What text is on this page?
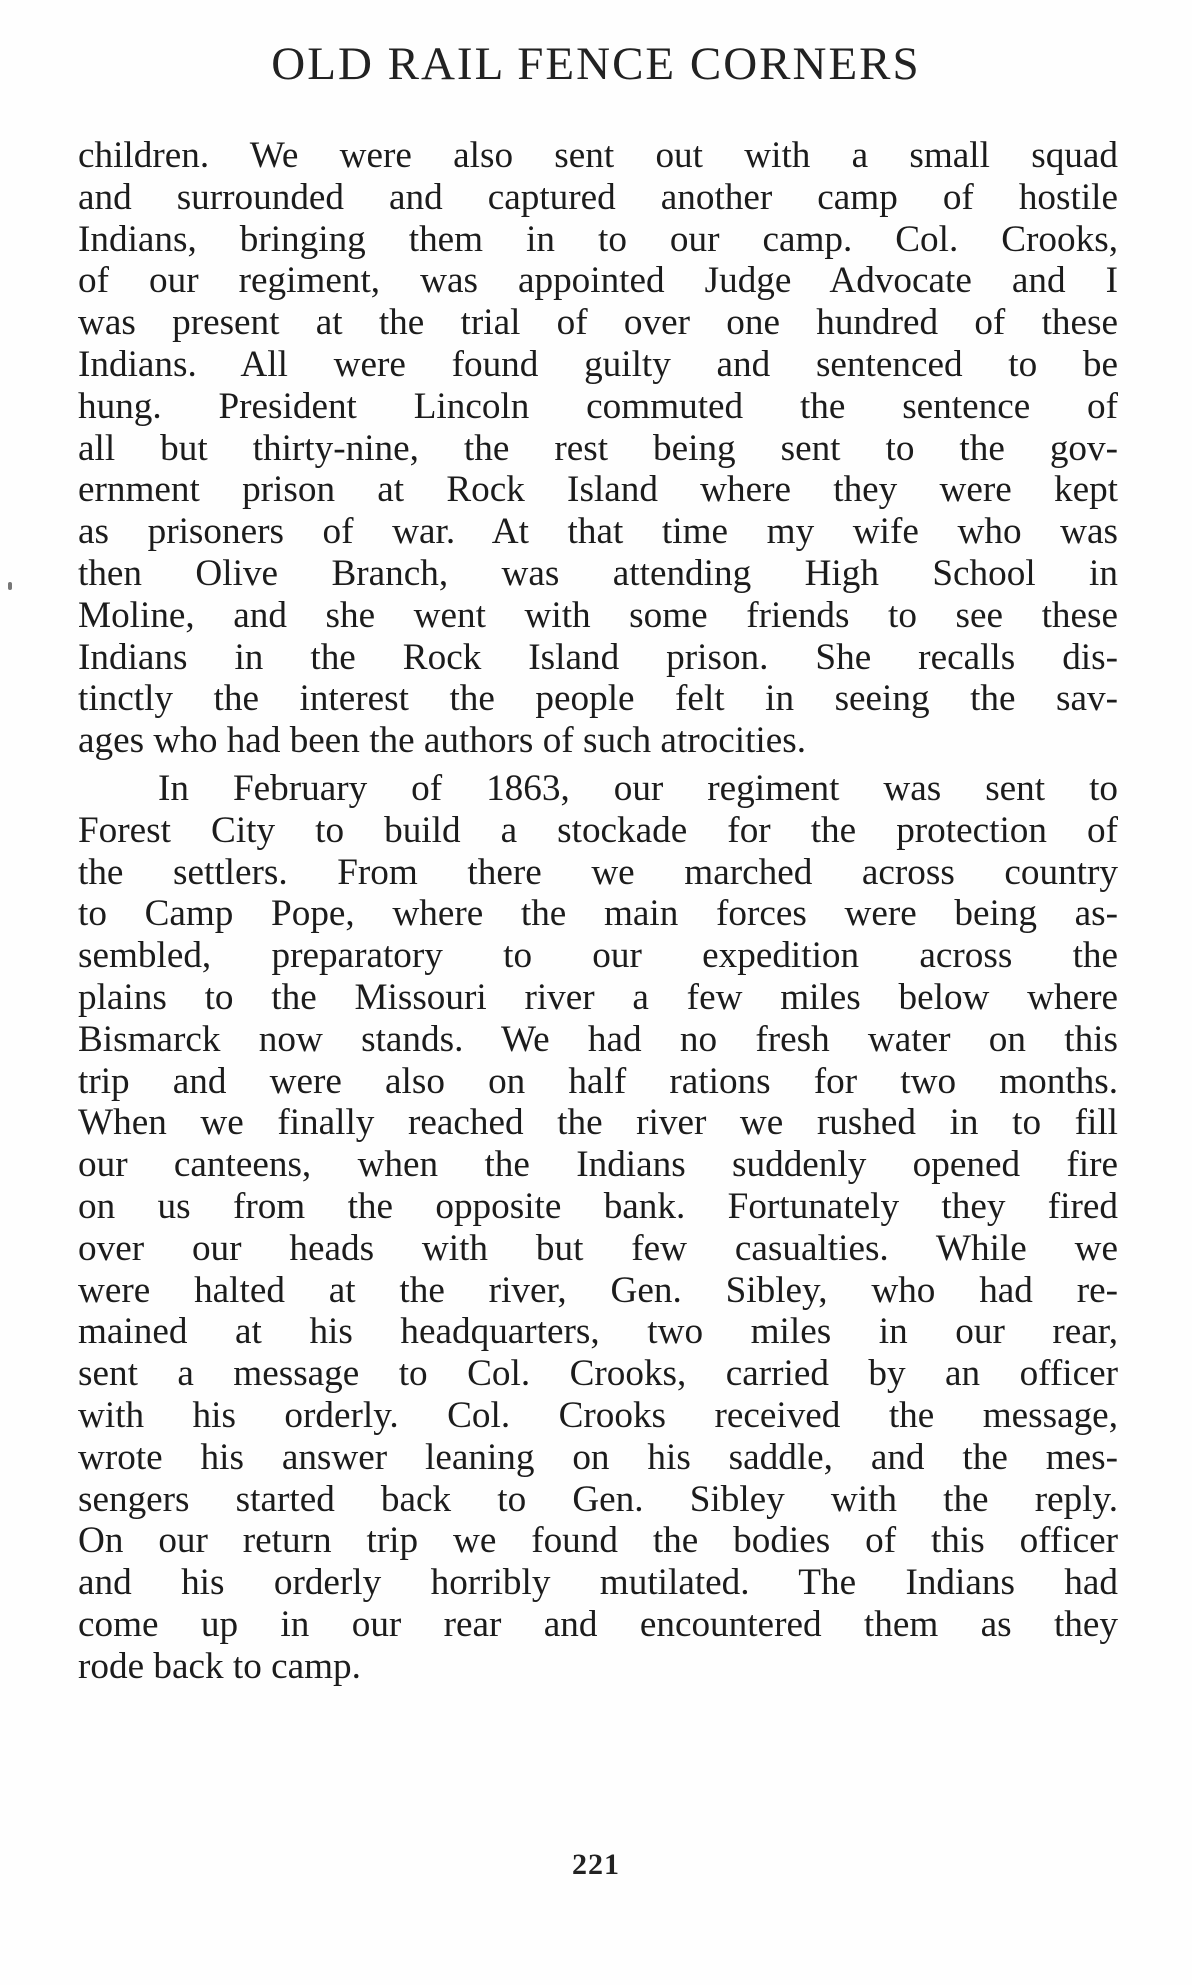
OLD RAIL FENCE CORNERS
children. We were also sent out with a small squad
and surrounded and captured another camp of hostile
Indians, bringing them in to our camp. Col. Crooks,
of our regiment, was appointed Judge Advocate and I
was present at the trial of over one hundred of these
Indians. All were found guilty and sentenced to be
hung. President Lincoln commuted the sentence of
all but thirty-nine, the rest being sent to the gov-
ernment prison at Rock Island where they were kept
as prisoners of war. At that time my wife who was
then Olive Branch, was attending High School in
Moline, and she went with some friends to see these
Indians in the Rock Island prison. She recalls dis-
tinctly the interest the people felt in seeing the sav-
ages who had been the authors of such atrocities.
In February of 1863, our regiment was sent to
Forest City to build a stockade for the protection of
the settlers. From there we marched across country
to Camp Pope, where the main forces were being as-
sembled, preparatory to our expedition across the
plains to the Missouri river a few miles below where
Bismarck now stands. We had no fresh water on this
trip and were also on half rations for two months.
When we finally reached the river we rushed in to fill
our canteens, when the Indians suddenly opened fire
on us from the opposite bank. Fortunately they fired
over our heads with but few casualties. While we
were halted at the river, Gen. Sibley, who had re-
mained at his headquarters, two miles in our rear,
sent a message to Col. Crooks, carried by an officer
with his orderly. Col. Crooks received the message,
wrote his answer leaning on his saddle, and the mes-
sengers started back to Gen. Sibley with the reply.
On our return trip we found the bodies of this officer
and his orderly horribly mutilated. The Indians had
come up in our rear and encountered them as they
rode back to camp.
221
